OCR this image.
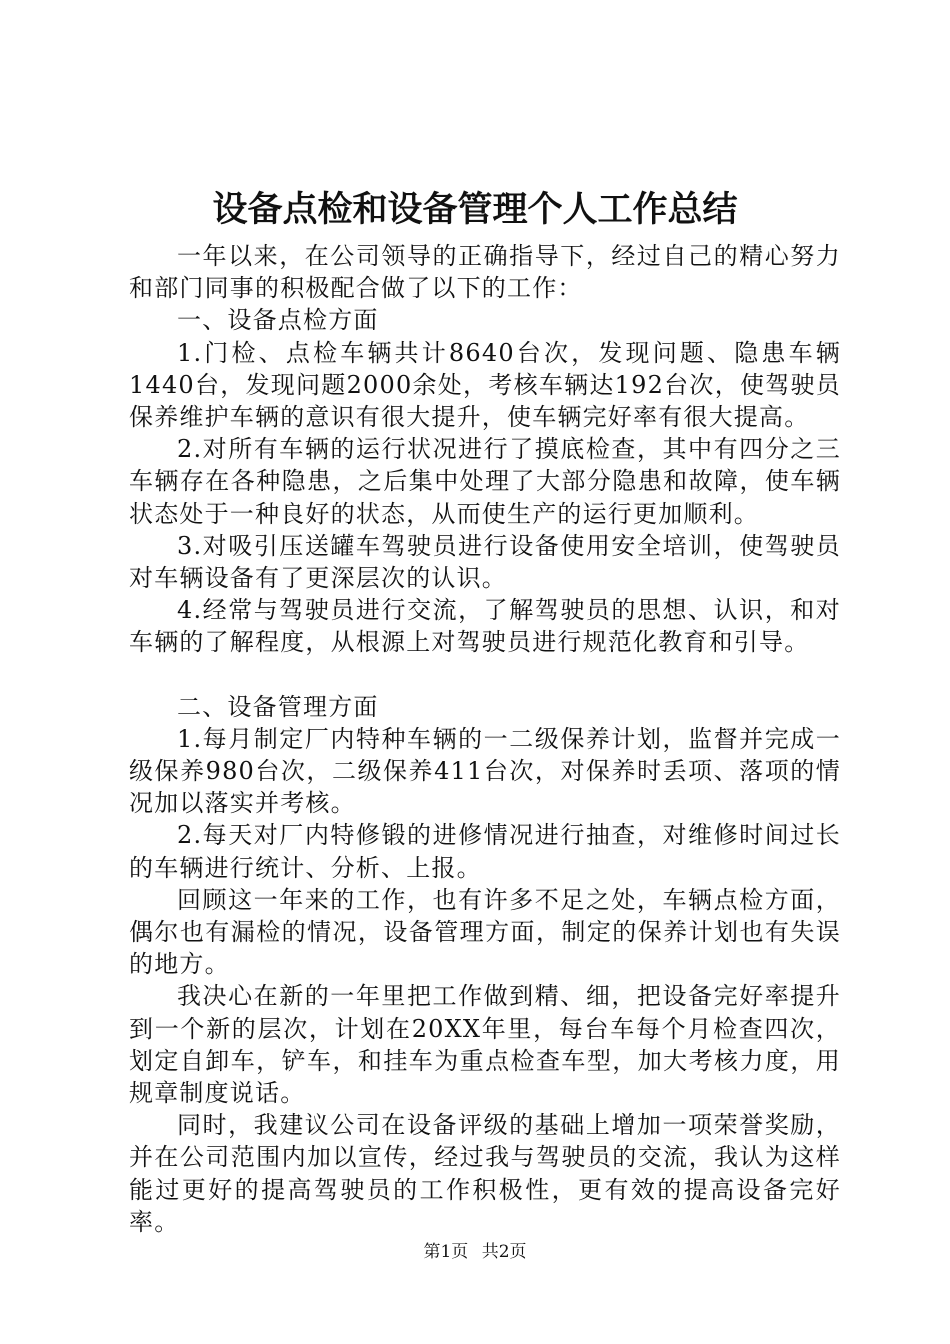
设备点检和设备管理个人工作总结

一年以来，在公司领导的正确指导下，经过自己的精心努力和部门同事的积极配合做了以下的工作：

一、设备点检方面

1.门检、点检车辆共计8640台次，发现问题、隐患车辆1440台，发现问题2000余处，考核车辆达192台次，使驾驶员保养维护车辆的意识有很大提升，使车辆完好率有很大提高。

2.对所有车辆的运行状况进行了摸底检查，其中有四分之三车辆存在各种隐患，之后集中处理了大部分隐患和故障，使车辆状态处于一种良好的状态，从而使生产的运行更加顺利。

3.对吸引压送罐车驾驶员进行设备使用安全培训，使驾驶员对车辆设备有了更深层次的认识。

4.经常与驾驶员进行交流，了解驾驶员的思想、认识，和对车辆的了解程度，从根源上对驾驶员进行规范化教育和引导。

二、设备管理方面

1.每月制定厂内特种车辆的一二级保养计划，监督并完成一级保养980台次，二级保养411台次，对保养时丢项、落项的情况加以落实并考核。

2.每天对厂内特修锻的进修情况进行抽查，对维修时间过长的车辆进行统计、分析、上报。

回顾这一年来的工作，也有许多不足之处，车辆点检方面，偶尔也有漏检的情况，设备管理方面，制定的保养计划也有失误的地方。

我决心在新的一年里把工作做到精、细，把设备完好率提升到一个新的层次，计划在20XX年里，每台车每个月检查四次，划定自卸车，铲车，和挂车为重点检查车型，加大考核力度，用规章制度说话。

同时，我建议公司在设备评级的基础上增加一项荣誉奖励，并在公司范围内加以宣传，经过我与驾驶员的交流，我认为这样能过更好的提高驾驶员的工作积极性，更有效的提高设备完好率。

第1页 共2页
